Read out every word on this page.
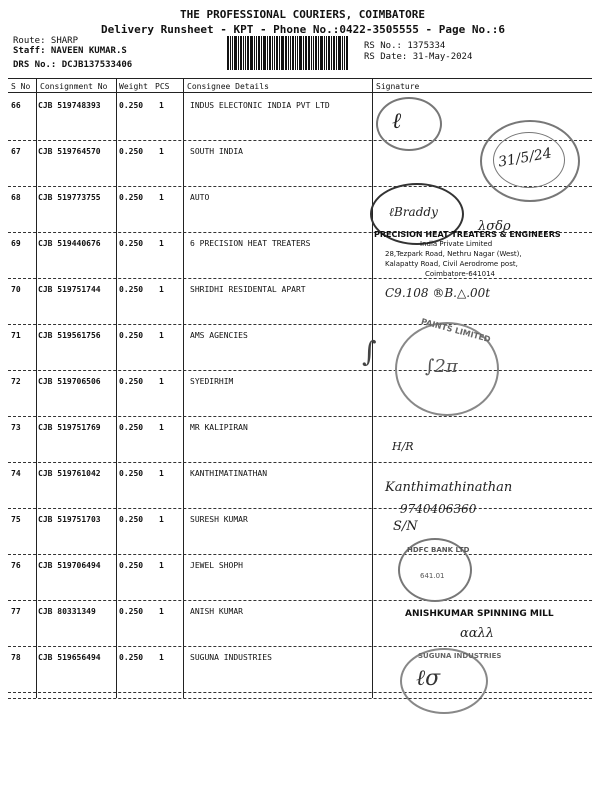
THE PROFESSIONAL COURIERS, COIMBATORE
Delivery Runsheet - KPT - Phone No.:0422-3505555 - Page No.:6
Route: SHARP
Staff: NAVEEN KUMAR.S
DRS No.: DCJB137533406
RS No.: 1375334
RS Date: 31-May-2024
S No Consignment No Weight PCS Consignee Details	Signature
66 CJB 519748393 0.250 1	INDUS ELECTONIC INDIA PVT LTD
67 CJB 519764570 0.250 1	SOUTH INDIA
68 CJB 519773755 0.250 1	AUTO
69 CJB 519440676 0.250 1	6 PRECISION HEAT TREATERS
70 CJB 519751744 0.250 1	SHRIDHI RESIDENTAL APART
71 CJB 519561756 0.250 1	AMS AGENCIES
72 CJB 519706506 0.250 1	SYEDIRHIM
73 CJB 519751769 0.250 1	MR KALIPIRAN
74 CJB 519761042 0.250 1	KANTHIMATINATHAN
75 CJB 519751703 0.250 1	SURESH KUMAR
76 CJB 519706494 0.250 1	JEWEL SHOPH
77 CJB 80331349	0.250 1	ANISH KUMAR
78 CJB 519656494 0.250 1	SUGUNA INDUSTRIES
ℓ
31/5/24
ℓBraddy
λσδρ
PRECISION HEAT TREATERS & ENGINEERS
India Private Limited
28,Tezpark Road, Nethru Nagar (West),
Kalapatty Road, Civil Aerodrome post,
Coimbatore-641014
C9.108 ®B.△.00t
PAINTS LIMITED
∫2π
∫
H/R
Kanthimathinathan
9740406360
S/N
HDFC BANK LTD
641.01
ANISHKUMAR SPINNING MILL
ααλλ
SUGUNA INDUSTRIES
ℓσ
